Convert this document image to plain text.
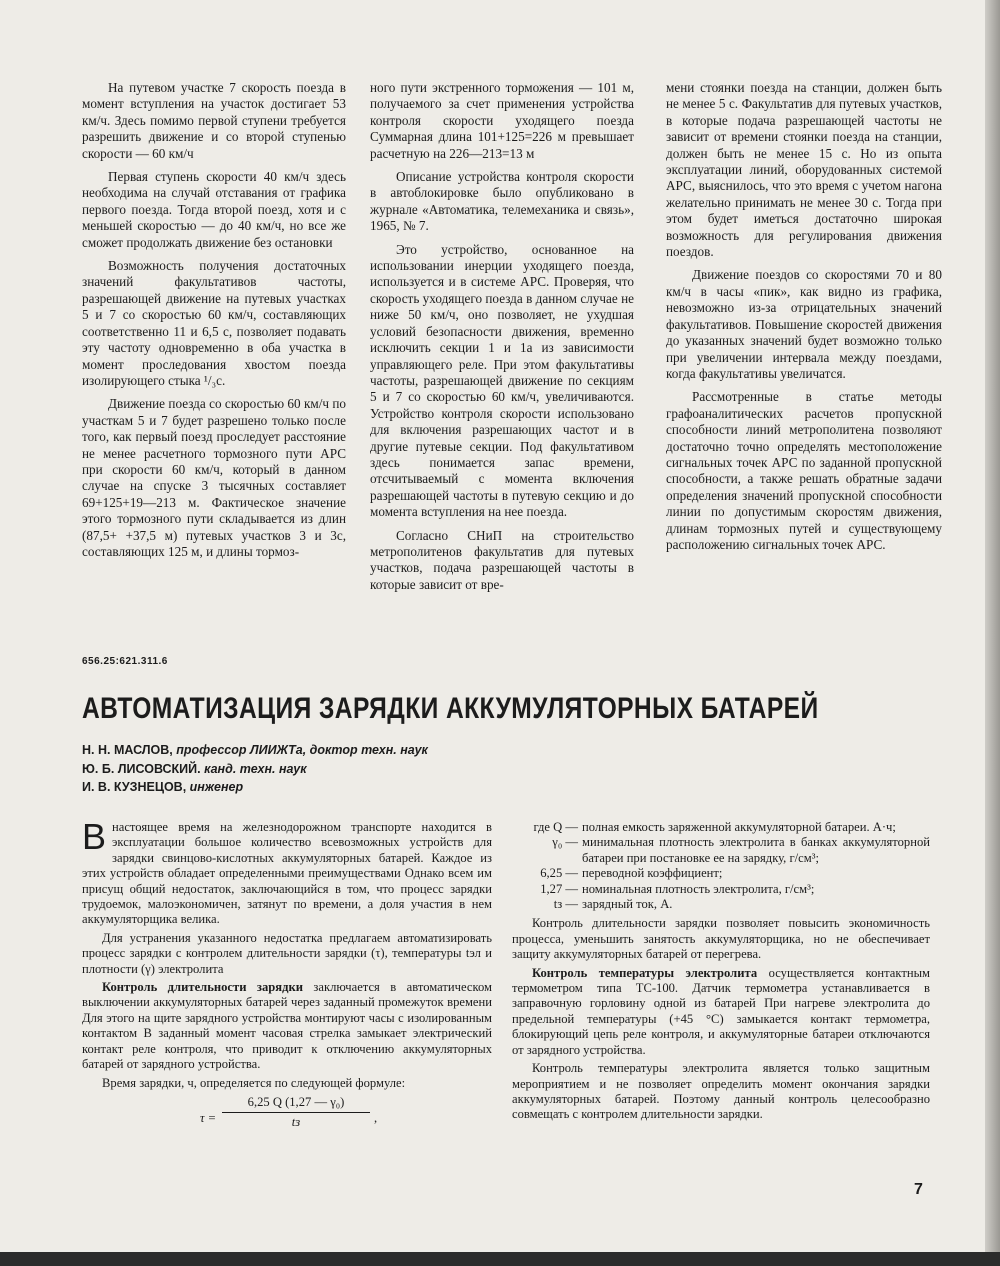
На путевом участке 7 скорость поезда в момент вступления на участок достигает 53 км/ч. Здесь помимо первой ступени требуется разрешить движение и со второй ступенью скорости — 60 км/ч

Первая ступень скорости 40 км/ч здесь необходима на случай отставания от графика первого поезда. Тогда второй поезд, хотя и с меньшей скоростью — до 40 км/ч, но все же сможет продолжать движение без остановки

Возможность получения достаточных значений факультативов частоты, разрешающей движение на путевых участках 5 и 7 со скоростью 60 км/ч, составляющих соответственно 11 и 6,5 с, позволяет подавать эту частоту одновременно в оба участка в момент проследования хвостом поезда изолирующего стыка ¹/₃с.

Движение поезда со скоростью 60 км/ч по участкам 5 и 7 будет разрешено только после того, как первый поезд проследует расстояние не менее расчетного тормозного пути АРС при скорости 60 км/ч, который в данном случае на спуске 3 тысячных составляет 69+125+19—213 м. Фактическое значение этого тормозного пути складывается из длин (87,5+ +37,5 м) путевых участков 3 и 3с, составляющих 125 м, и длины тормоз-

ного пути экстренного торможения — 101 м, получаемого за счет применения устройства контроля скорости уходящего поезда Суммарная длина 101+125=226 м превышает расчетную на 226—213=13 м

Описание устройства контроля скорости в автоблокировке было опубликовано в журнале «Автоматика, телемеханика и связь», 1965, № 7.

Это устройство, основанное на использовании инерции уходящего поезда, используется и в системе АРС. Проверяя, что скорость уходящего поезда в данном случае не ниже 50 км/ч, оно позволяет, не ухудшая условий безопасности движения, временно исключить секции 1 и 1а из зависимости управляющего реле. При этом факультативы частоты, разрешающей движение по секциям 5 и 7 со скоростью 60 км/ч, увеличиваются. Устройство контроля скорости использовано для включения разрешающих частот и в другие путевые секции. Под факультативом здесь понимается запас времени, отсчитываемый с момента включения разрешающей частоты в путевую секцию и до момента вступления на нее поезда.

Согласно СНиП на строительство метрополитенов факультатив для путевых участков, подача разрешающей частоты в которые зависит от вре-

мени стоянки поезда на станции, должен быть не менее 5 с. Факультатив для путевых участков, в которые подача разрешающей частоты не зависит от времени стоянки поезда на станции, должен быть не менее 15 с. Но из опыта эксплуатации линий, оборудованных системой АРС, выяснилось, что это время с учетом нагона желательно принимать не менее 30 с. Тогда при этом будет иметься достаточно широкая возможность для регулирования движения поездов.

Движение поездов со скоростями 70 и 80 км/ч в часы «пик», как видно из графика, невозможно из-за отрицательных значений факультативов. Повышение скоростей движения до указанных значений будет возможно только при увеличении интервала между поездами, когда факультативы увеличатся.

Рассмотренные в статье методы графоаналитических расчетов пропускной способности линий метрополитена позволяют достаточно точно определять местоположение сигнальных точек АРС по заданной пропускной способности, а также решать обратные задачи определения значений пропускной способности линии по допустимым скоростям движения, длинам тормозных путей и существующему расположению сигнальных точек АРС.

656.25:621.311.6
АВТОМАТИЗАЦИЯ ЗАРЯДКИ АККУМУЛЯТОРНЫХ БАТАРЕЙ
Н. Н. МАСЛОВ, профессор ЛИИЖТа, доктор техн. наук
Ю. Б. ЛИСОВСКИЙ. канд. техн. наук
И. В. КУЗНЕЦОВ, инженер

Внастоящее время на железнодорожном транспорте находится в эксплуатации большое количество всевозможных устройств для зарядки свинцово-кислотных аккумуляторных батарей. Каждое из этих устройств обладает определенными преимуществами Однако всем им присущ общий недостаток, заключающийся в том, что процесс зарядки трудоемок, малоэкономичен, затянут по времени, а доля участия в нем аккумуляторщика велика.

Для устранения указанного недостатка предлагаем автоматизировать процесс зарядки с контролем длительности зарядки (τ), температуры tэл и плотности (γ) электролита

Контроль длительности зарядки заключается в автоматическом выключении аккумуляторных батарей через заданный промежуток времени Для этого на щите зарядного устройства монтируют часы с изолированным контактом В заданный момент часовая стрелка замыкает электрический контакт реле контроля, что приводит к отключению аккумуляторных батарей от зарядного устройства.

Время зарядки, ч, определяется по следующей формуле:

τ =
6,25 Q (1,27 — γ₀)
tз	,
где Q — полная емкость заряженной аккумуляторной батареи. А·ч;
γ₀ — минимальная плотность электролита в банках аккумуляторной батареи при постановке ее на зарядку, г/см³;
6,25 — переводной коэффициент;
1,27 — номинальная плотность электролита, г/см³;
tз — зарядный ток, А.

Контроль длительности зарядки позволяет повысить экономичность процесса, уменьшить занятость аккумуляторщика, но не обеспечивает защиту аккумуляторных батарей от перегрева.

Контроль температуры электролита осуществляется контактным термометром типа ТС-100. Датчик термометра устанавливается в заправочную горловину одной из батарей При нагреве электролита до предельной температуры (+45 °С) замыкается контакт термометра, блокирующий цепь реле контроля, и аккумуляторные батареи отключаются от зарядного устройства.

Контроль температуры электролита является только защитным мероприятием и не позволяет определить момент окончания зарядки аккумуляторных батарей. Поэтому данный контроль целесообразно совмещать с контролем длительности зарядки.

7
